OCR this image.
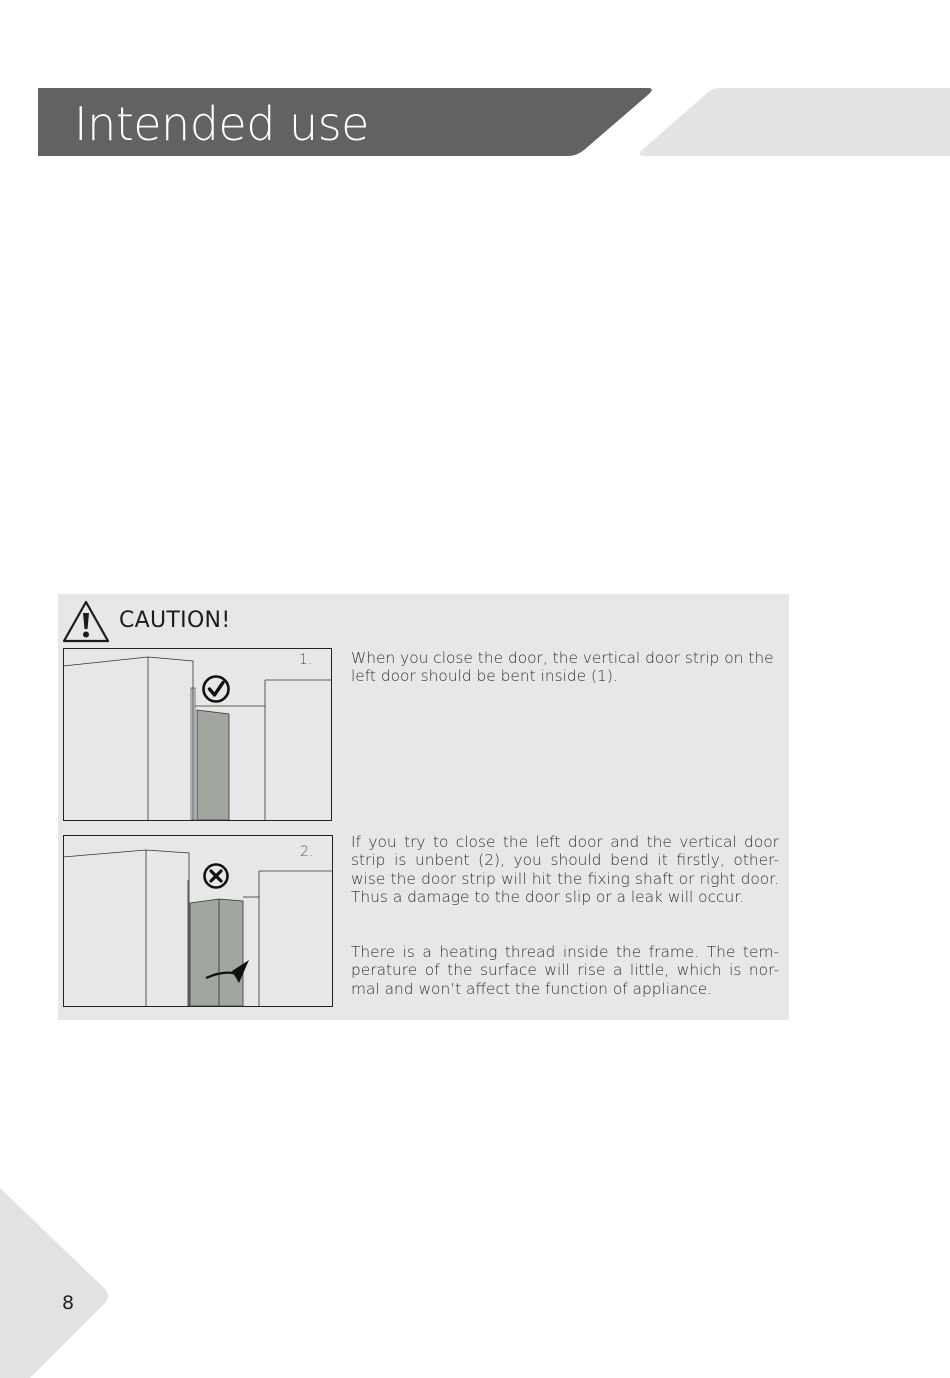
Intended use
CAUTION!
1.
2.

When you close the door, the vertical door strip on the left door should be bent inside (1).

If you try to close the left door and the vertical door strip is unbent (2), you should bend it firstly, other-wise the door strip will hit the fixing shaft or right door. Thus a damage to the door slip or a leak will occur.

There is a heating thread inside the frame. The tem-perature of the surface will rise a little, which is nor-mal and won’t affect the function of appliance.

8
